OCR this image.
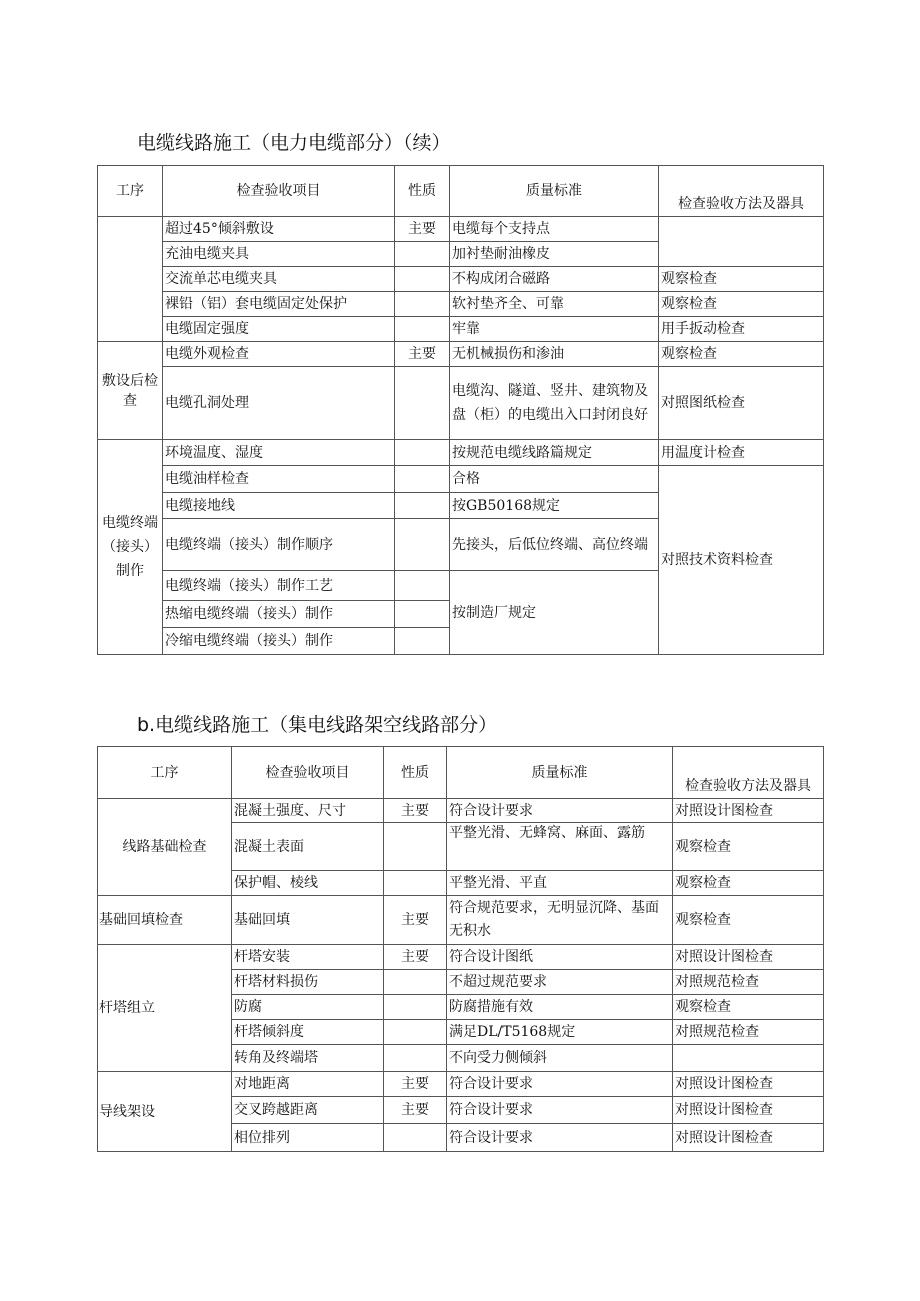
电缆线路施工（电力电缆部分）（续）
工序	检查验收项目	性质	质量标准	检查验收方法及器具
	超过45°倾斜敷设	主要	电缆每个支持点	
	充油电缆夹具		加衬垫耐油橡皮	
	交流单芯电缆夹具		不构成闭合磁路	观察检查
	裸铅（铝）套电缆固定处保护		软衬垫齐全、可靠	观察检查
	电缆固定强度		牢靠	用手扳动检查
敷设后检查	电缆外观检查	主要	无机械损伤和渗油	观察检查
	电缆孔洞处理		电缆沟、隧道、竖井、建筑物及盘（柜）的电缆出入口封闭良好	对照图纸检查
电缆终端（接头）制作	环境温度、湿度		按规范电缆线路篇规定	用温度计检查
	电缆油样检查		合格	对照技术资料检查
	电缆接地线		按GB50168规定	
	电缆终端（接头）制作顺序		先接头，后低位终端、高位终端	
	电缆终端（接头）制作工艺		按制造厂规定	
	热缩电缆终端（接头）制作			
	冷缩电缆终端（接头）制作			
b.电缆线路施工（集电线路架空线路部分）
工序	检查验收项目	性质	质量标准	检查验收方法及器具
线路基础检查	混凝土强度、尺寸	主要	符合设计要求	对照设计图检查
	混凝土表面		平整光滑、无蜂窝、麻面、露筋	观察检查
	保护帽、棱线		平整光滑、平直	观察检查
基础回填检查	基础回填	主要	符合规范要求，无明显沉降、基面无积水	观察检查
杆塔组立	杆塔安装	主要	符合设计图纸	对照设计图检查
	杆塔材料损伤		不超过规范要求	对照规范检查
	防腐		防腐措施有效	观察检查
	杆塔倾斜度		满足DL/T5168规定	对照规范检查
	转角及终端塔		不向受力侧倾斜	
导线架设	对地距离	主要	符合设计要求	对照设计图检查
	交叉跨越距离	主要	符合设计要求	对照设计图检查
	相位排列		符合设计要求	对照设计图检查
